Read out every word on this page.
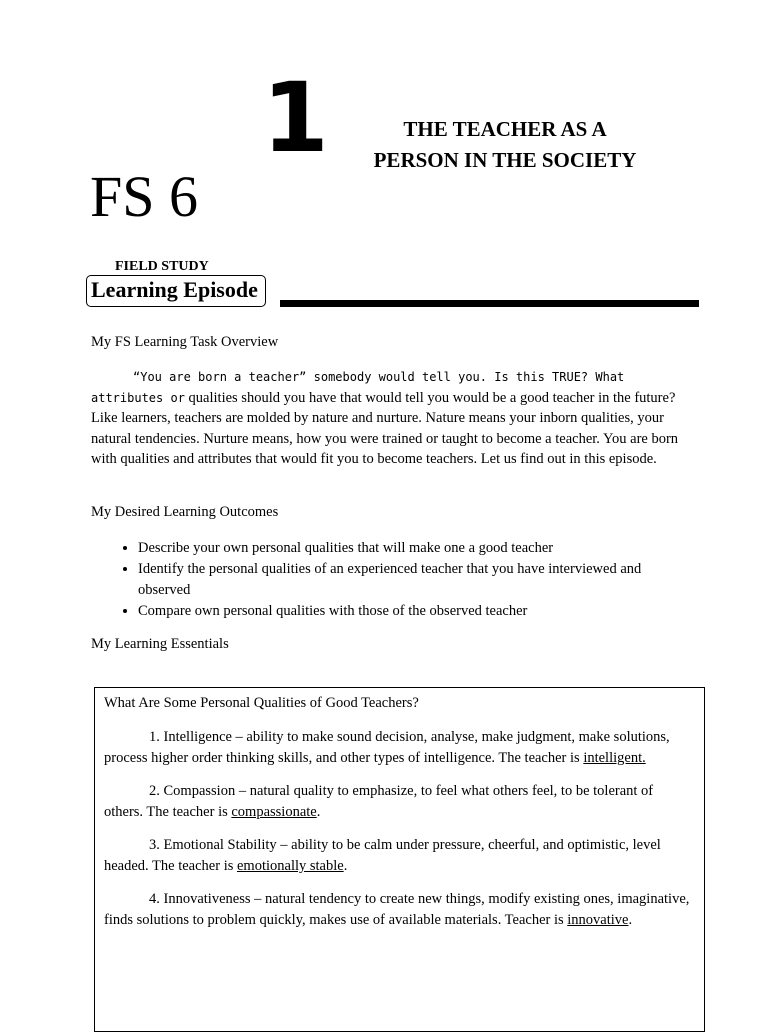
1	THE TEACHER AS A
PERSON IN THE SOCIETY
FS 6
FIELD STUDY
Learning Episode
My FS Learning Task Overview

“You are born a teacher” somebody would tell you. Is this TRUE? What attributes or qualities should you have that would tell you would be a good teacher in the future? Like learners, teachers are molded by nature and nurture. Nature means your inborn qualities, your natural tendencies. Nurture means, how you were trained or taught to become a teacher. You are born with qualities and attributes that would fit you to become teachers. Let us find out in this episode.

My Desired Learning Outcomes
• Describe your own personal qualities that will make one a good teacher
• Identify the personal qualities of an experienced teacher that you have interviewed and observed
• Compare own personal qualities with those of the observed teacher
My Learning Essentials

What Are Some Personal Qualities of Good Teachers?

1. Intelligence – ability to make sound decision, analyse, make judgment, make solutions, process higher order thinking skills, and other types of intelligence. The teacher is intelligent.

2. Compassion – natural quality to emphasize, to feel what others feel, to be tolerant of others. The teacher is compassionate.

3. Emotional Stability – ability to be calm under pressure, cheerful, and optimistic, level headed. The teacher is emotionally stable.

4. Innovativeness – natural tendency to create new things, modify existing ones, imaginative, finds solutions to problem quickly, makes use of available materials. Teacher is innovative.
